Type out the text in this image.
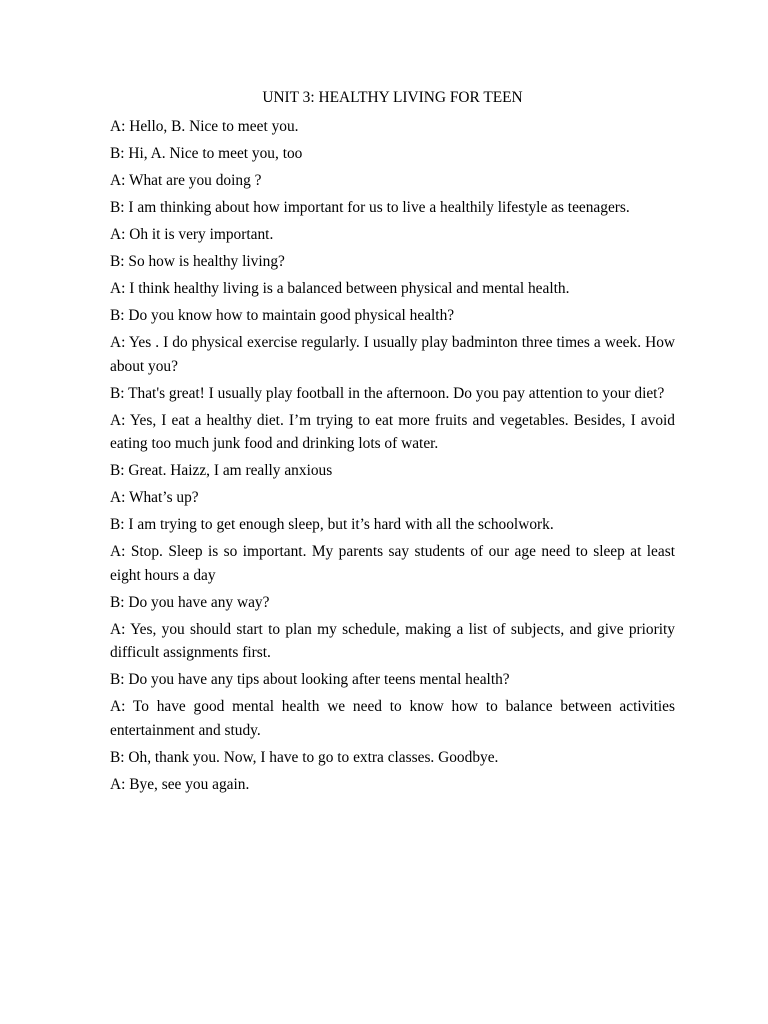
UNIT 3: HEALTHY LIVING FOR TEEN
A: Hello, B. Nice to meet you.
B: Hi, A. Nice to meet you, too
A: What are you doing ?
B: I am thinking about how important for us to live a healthily lifestyle as teenagers.
A: Oh it is very important.
B: So how is healthy living?
A: I think healthy living is a balanced between physical and mental health.
B: Do you know how to maintain good physical health?
A: Yes . I do physical exercise regularly. I usually play badminton three times a week. How about you?
B: That's great! I usually play football in the afternoon. Do you pay attention to your diet?
A: Yes, I eat a healthy diet. I’m trying to eat more fruits and vegetables. Besides, I avoid eating too much junk food and drinking lots of water.
B: Great. Haizz, I am really anxious
A: What’s up?
B: I am trying to get enough sleep, but it’s hard with all the schoolwork.
A: Stop. Sleep is so important. My parents say students of our age need to sleep at least eight hours a day
B: Do you have any way?
A: Yes, you should start to plan my schedule, making a list of subjects, and give priority difficult assignments first.
B: Do you have any tips about looking after teens mental health?
A: To have good mental health we need to know how to balance between activities entertainment and study.
B: Oh, thank you. Now, I have to go to extra classes. Goodbye.
A: Bye, see you again.
